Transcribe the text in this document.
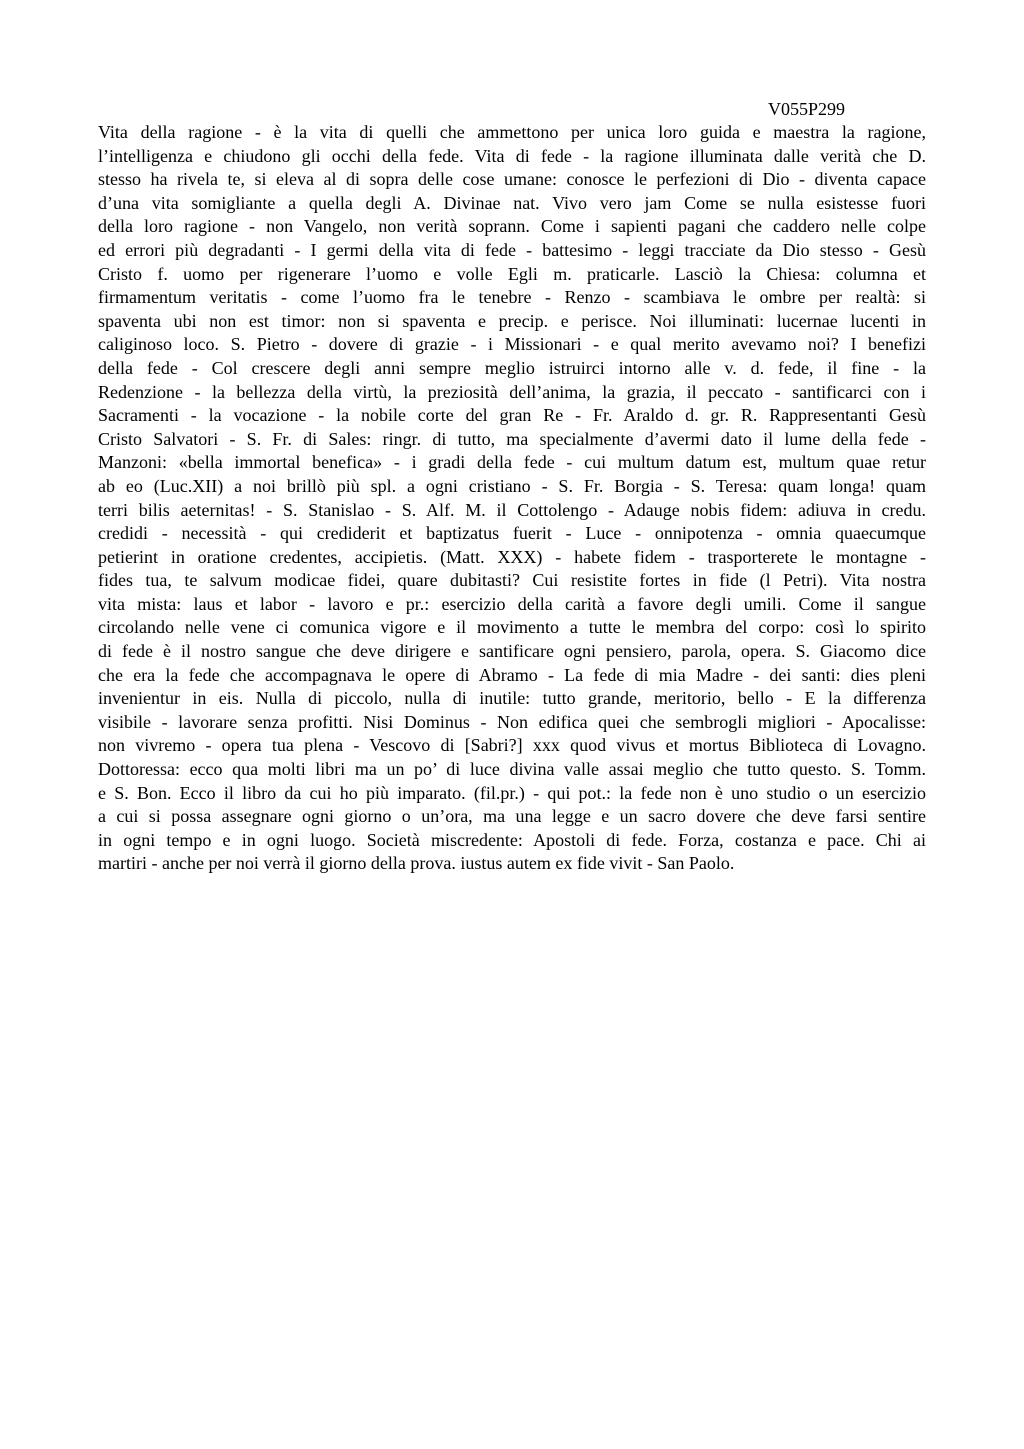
V055P299
Vita della ragione - è la vita di quelli che ammettono per unica loro guida e maestra la ragione,
l’intelligenza e chiudono gli occhi della fede. Vita di fede - la ragione illuminata dalle verità che D.
stesso ha rivela te, si eleva al di sopra delle cose umane: conosce le perfezioni di Dio - diventa capace
d’una vita somigliante a quella degli A. Divinae nat. Vivo vero jam Come se nulla esistesse fuori
della loro ragione - non Vangelo, non verità soprann. Come i sapienti pagani che caddero nelle colpe
ed errori più degradanti - I germi della vita di fede - battesimo - leggi tracciate da Dio stesso - Gesù
Cristo f. uomo per rigenerare l’uomo e volle Egli m. praticarle. Lasciò la Chiesa: columna et
firmamentum veritatis - come l’uomo fra le tenebre - Renzo - scambiava le ombre per realtà: si
spaventa ubi non est timor: non si spaventa e precip. e perisce. Noi illuminati: lucernae lucenti in
caliginoso loco. S. Pietro - dovere di grazie - i Missionari - e qual merito avevamo noi? I benefizi
della fede - Col crescere degli anni sempre meglio istruirci intorno alle v. d. fede, il fine - la
Redenzione - la bellezza della virtù, la preziosità dell’anima, la grazia, il peccato - santificarci con i
Sacramenti - la vocazione - la nobile corte del gran Re - Fr. Araldo d. gr. R. Rappresentanti Gesù
Cristo Salvatori - S. Fr. di Sales: ringr. di tutto, ma specialmente d’avermi dato il lume della fede -
Manzoni: «bella immortal benefica» - i gradi della fede - cui multum datum est, multum quae retur
ab eo (Luc.XII) a noi brillò più spl. a ogni cristiano - S. Fr. Borgia - S. Teresa: quam longa! quam
terri bilis aeternitas! - S. Stanislao - S. Alf. M. il Cottolengo - Adauge nobis fidem: adiuva in credu.
credidi - necessità - qui crediderit et baptizatus fuerit - Luce - onnipotenza - omnia quaecumque
petierint in oratione credentes, accipietis. (Matt. XXX) - habete fidem - trasporterete le montagne -
fides tua, te salvum modicae fidei, quare dubitasti? Cui resistite fortes in fide (l Petri). Vita nostra
vita mista: laus et labor - lavoro e pr.: esercizio della carità a favore degli umili. Come il sangue
circolando nelle vene ci comunica vigore e il movimento a tutte le membra del corpo: così lo spirito
di fede è il nostro sangue che deve dirigere e santificare ogni pensiero, parola, opera. S. Giacomo dice
che era la fede che accompagnava le opere di Abramo - La fede di mia Madre - dei santi: dies pleni
invenientur in eis. Nulla di piccolo, nulla di inutile: tutto grande, meritorio, bello - E la differenza
visibile - lavorare senza profitti. Nisi Dominus - Non edifica quei che sembrogli migliori - Apocalisse:
non vivremo - opera tua plena - Vescovo di [Sabri?] xxx quod vivus et mortus Biblioteca di Lovagno.
Dottoressa: ecco qua molti libri ma un po’ di luce divina valle assai meglio che tutto questo. S. Tomm.
e S. Bon. Ecco il libro da cui ho più imparato. (fil.pr.) - qui pot.: la fede non è uno studio o un esercizio
a cui si possa assegnare ogni giorno o un’ora, ma una legge e un sacro dovere che deve farsi sentire
in ogni tempo e in ogni luogo. Società miscredente: Apostoli di fede. Forza, costanza e pace. Chi ai
martiri - anche per noi verrà il giorno della prova. iustus autem ex fide vivit - San Paolo.
